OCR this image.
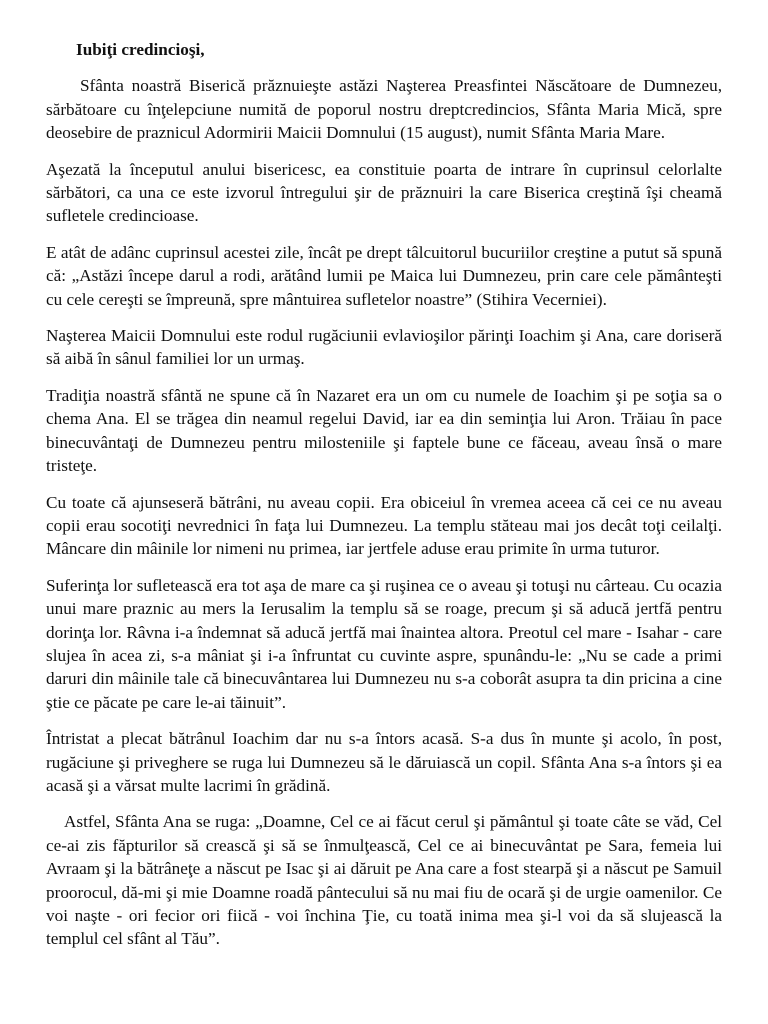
Iubiţi credincioşi,

Sfânta noastră Biserică prăznuieşte astăzi Naşterea Preasfintei Născătoare de Dumnezeu, sărbătoare cu înţelepciune numită de poporul nostru dreptcredincios, Sfânta Maria Mică, spre deosebire de praznicul Adormirii Maicii Domnului (15 august), numit Sfânta Maria Mare.

Aşezată la începutul anului bisericesc, ea constituie poarta de intrare în cuprinsul celorlalte sărbători, ca una ce este izvorul întregului şir de prăznuiri la care Biserica creştină îşi cheamă sufletele credincioase.

E atât de adânc cuprinsul acestei zile, încât pe drept tâlcuitorul bucuriilor creştine a putut să spună că: „Astăzi începe darul a rodi, arătând lumii pe Maica lui Dumnezeu, prin care cele pământeşti cu cele cereşti se împreună, spre mântuirea sufletelor noastre” (Stihira Vecerniei).

Naşterea Maicii Domnului este rodul rugăciunii evlavioşilor părinţi Ioachim şi Ana, care doriseră să aibă în sânul familiei lor un urmaş.

Tradiţia noastră sfântă ne spune că în Nazaret era un om cu numele de Ioachim şi pe soţia sa o chema Ana. El se trăgea din neamul regelui David, iar ea din seminţia lui Aron. Trăiau în pace binecuvântaţi de Dumnezeu pentru milosteniile şi faptele bune ce făceau, aveau însă o mare tristeţe.

Cu toate că ajunseseră bătrâni, nu aveau copii. Era obiceiul în vremea aceea că cei ce nu aveau copii erau socotiţi nevrednici în faţa lui Dumnezeu. La templu stăteau mai jos decât toţi ceilalţi. Mâncare din mâinile lor nimeni nu primea, iar jertfele aduse erau primite în urma tuturor.

Suferinţa lor sufletească era tot aşa de mare ca şi ruşinea ce o aveau şi totuşi nu cârteau. Cu ocazia unui mare praznic au mers la Ierusalim la templu să se roage, precum şi să aducă jertfă pentru dorinţa lor. Râvna i-a îndemnat să aducă jertfă mai înaintea altora. Preotul cel mare - Isahar - care slujea în acea zi, s-a mâniat şi i-a înfruntat cu cuvinte aspre, spunându-le: „Nu se cade a primi daruri din mâinile tale că binecuvântarea lui Dumnezeu nu s-a coborât asupra ta din pricina a cine ştie ce păcate pe care le-ai tăinuit”.

Întristat a plecat bătrânul Ioachim dar nu s-a întors acasă. S-a dus în munte şi acolo, în post, rugăciune şi priveghere se ruga lui Dumnezeu să le dăruiască un copil. Sfânta Ana s-a întors şi ea acasă şi a vărsat multe lacrimi în grădină.

Astfel, Sfânta Ana se ruga: „Doamne, Cel ce ai făcut cerul şi pământul şi toate câte se văd, Cel ce-ai zis făpturilor să crească şi să se înmulţească, Cel ce ai binecuvântat pe Sara, femeia lui Avraam şi la bătrâneţe a născut pe Isac şi ai dăruit pe Ana care a fost stearpă şi a născut pe Samuil proorocul, dă-mi şi mie Doamne roadă pântecului să nu mai fiu de ocară şi de urgie oamenilor. Ce voi naşte - ori fecior ori fiică - voi închina Ţie, cu toată inima mea şi-l voi da să slujească la templul cel sfânt al Tău”.
